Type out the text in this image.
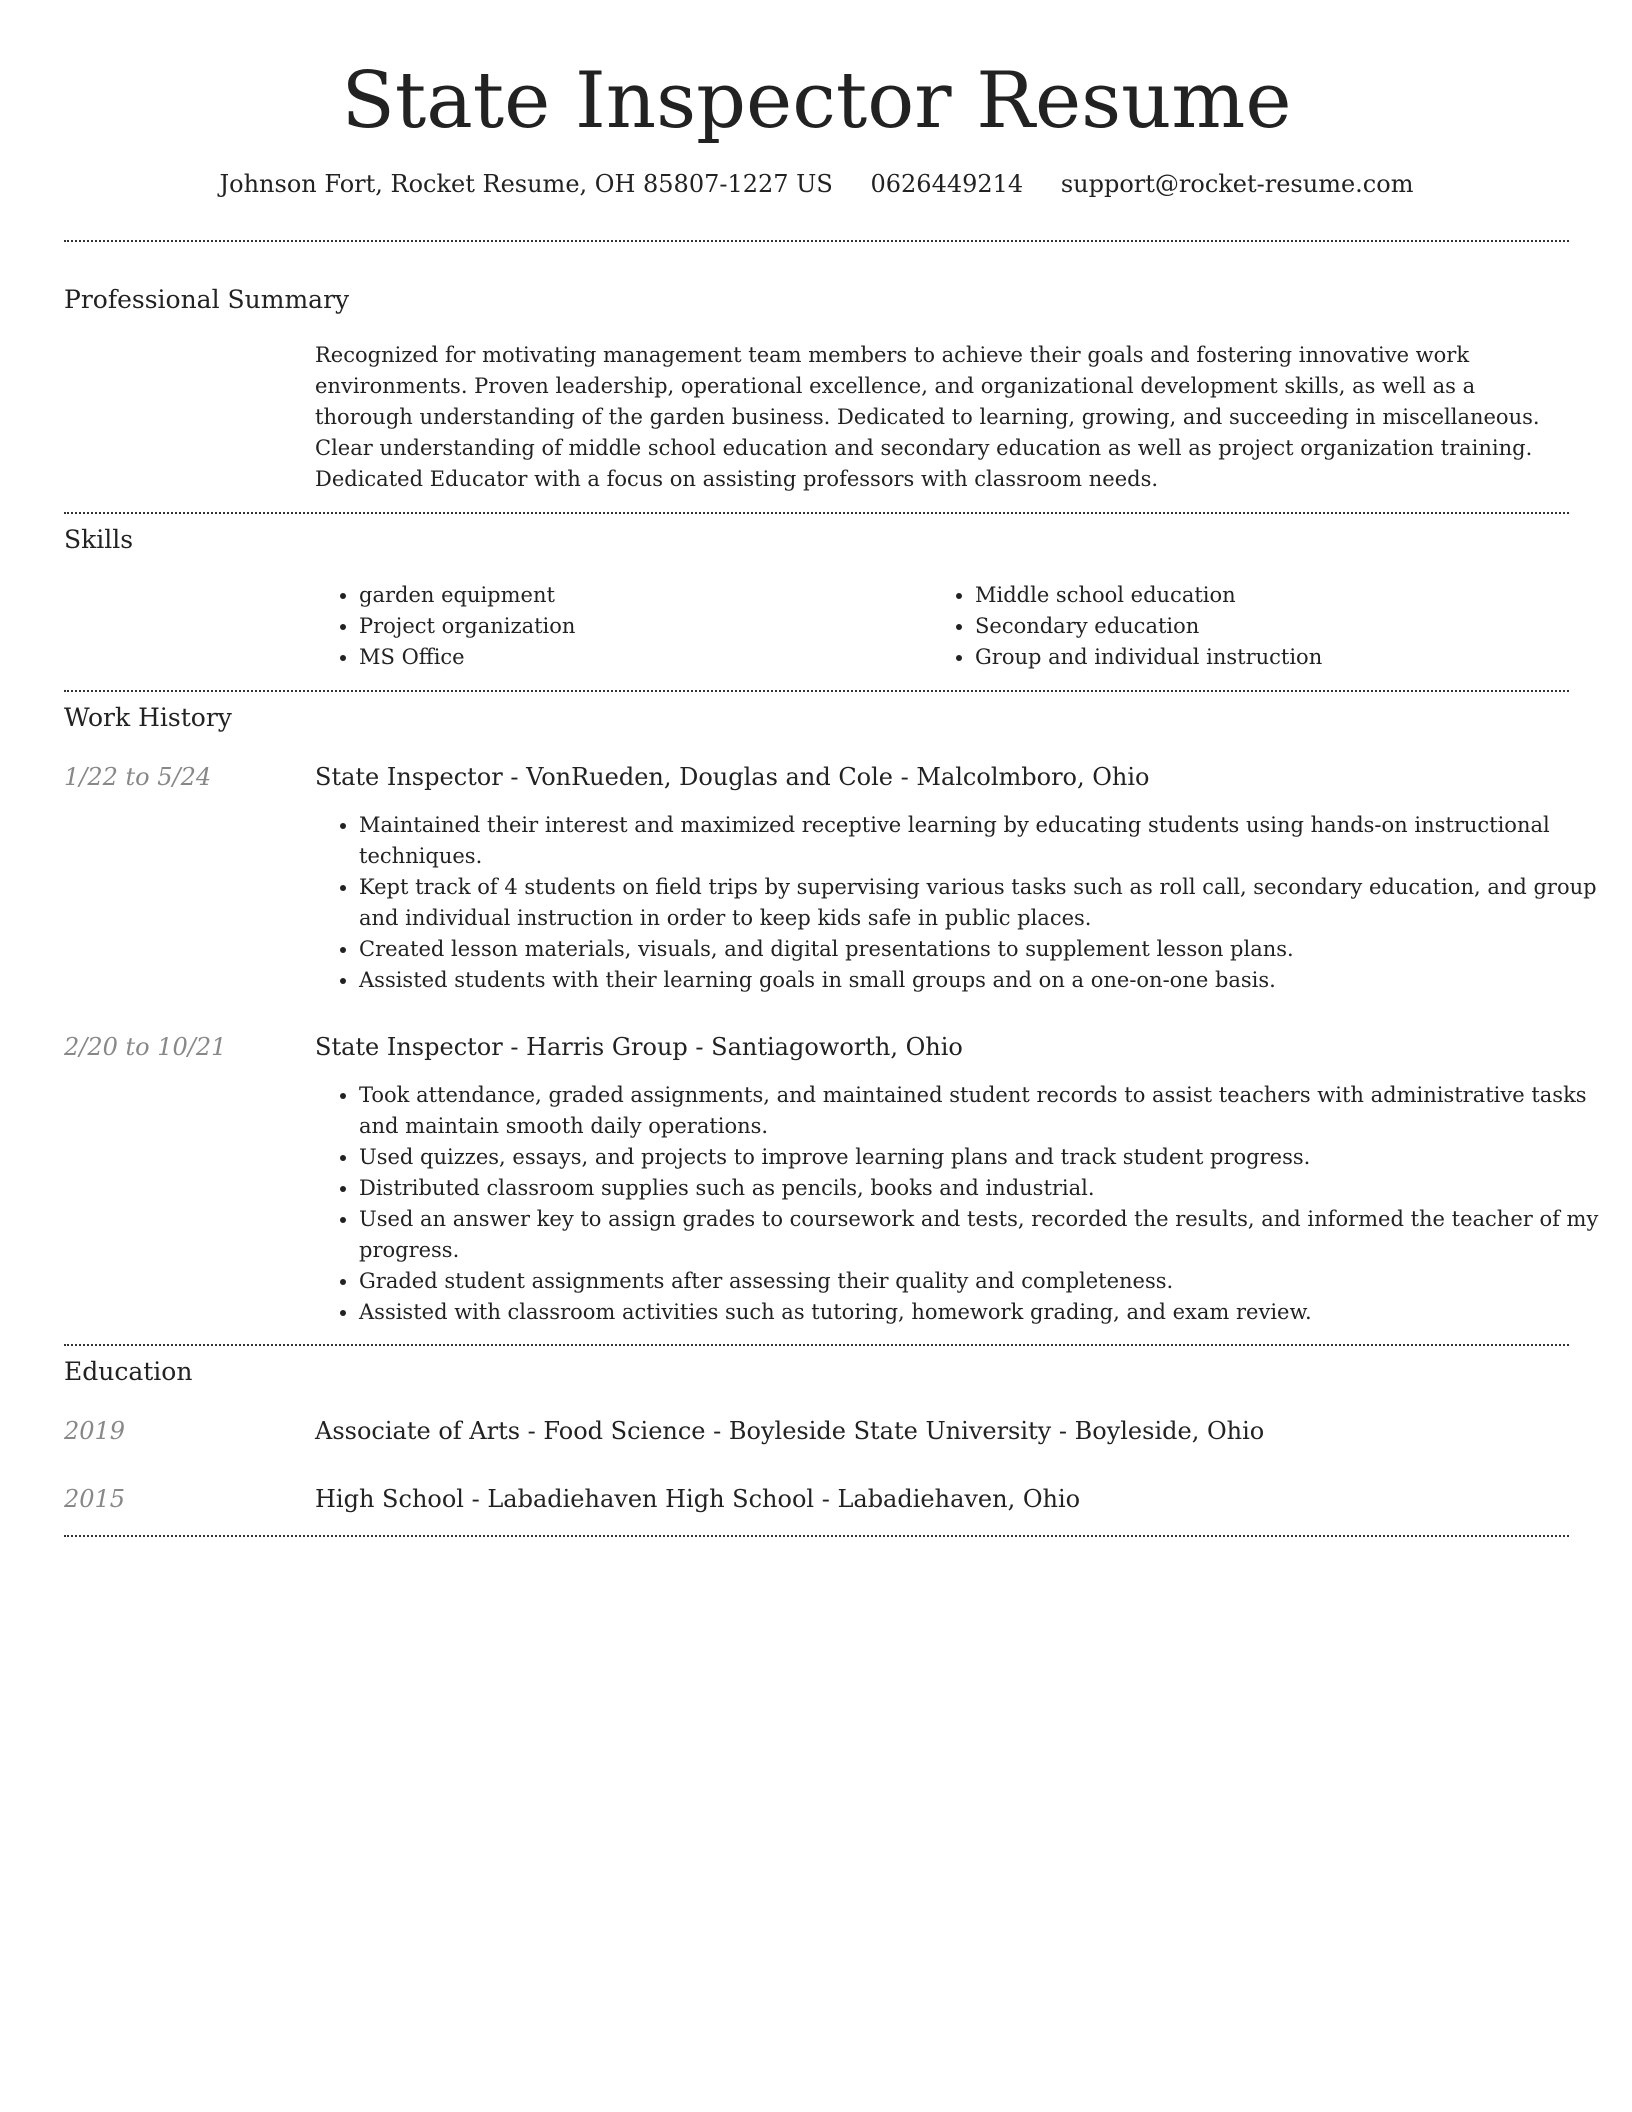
State Inspector Resume

Johnson Fort, Rocket Resume, OH 85807-1227 US 0626449214 support@rocket-resume.com

Professional Summary

Recognized for motivating management team members to achieve their goals and fostering innovative work environments. Proven leadership, operational excellence, and organizational development skills, as well as a thorough understanding of the garden business. Dedicated to learning, growing, and succeeding in miscellaneous. Clear understanding of middle school education and secondary education as well as project organization training. Dedicated Educator with a focus on assisting professors with classroom needs.

Skills
• garden equipment
• Project organization
• MS Office
• Middle school education
• Secondary education
• Group and individual instruction
Work History
1/22 to 5/24	State Inspector - VonRueden, Douglas and Cole - Malcolmboro, Ohio
• Maintained their interest and maximized receptive learning by educating students using hands-on instructional techniques.
• Kept track of 4 students on field trips by supervising various tasks such as roll call, secondary education, and group and individual instruction in order to keep kids safe in public places.
• Created lesson materials, visuals, and digital presentations to supplement lesson plans.
• Assisted students with their learning goals in small groups and on a one-on-one basis.
2/20 to 10/21	State Inspector - Harris Group - Santiagoworth, Ohio
• Took attendance, graded assignments, and maintained student records to assist teachers with administrative tasks and maintain smooth daily operations.
• Used quizzes, essays, and projects to improve learning plans and track student progress.
• Distributed classroom supplies such as pencils, books and industrial.
• Used an answer key to assign grades to coursework and tests, recorded the results, and informed the teacher of my progress.
• Graded student assignments after assessing their quality and completeness.
• Assisted with classroom activities such as tutoring, homework grading, and exam review.
Education
2019	Associate of Arts - Food Science - Boyleside State University - Boyleside, Ohio
2015	High School - Labadiehaven High School - Labadiehaven, Ohio
